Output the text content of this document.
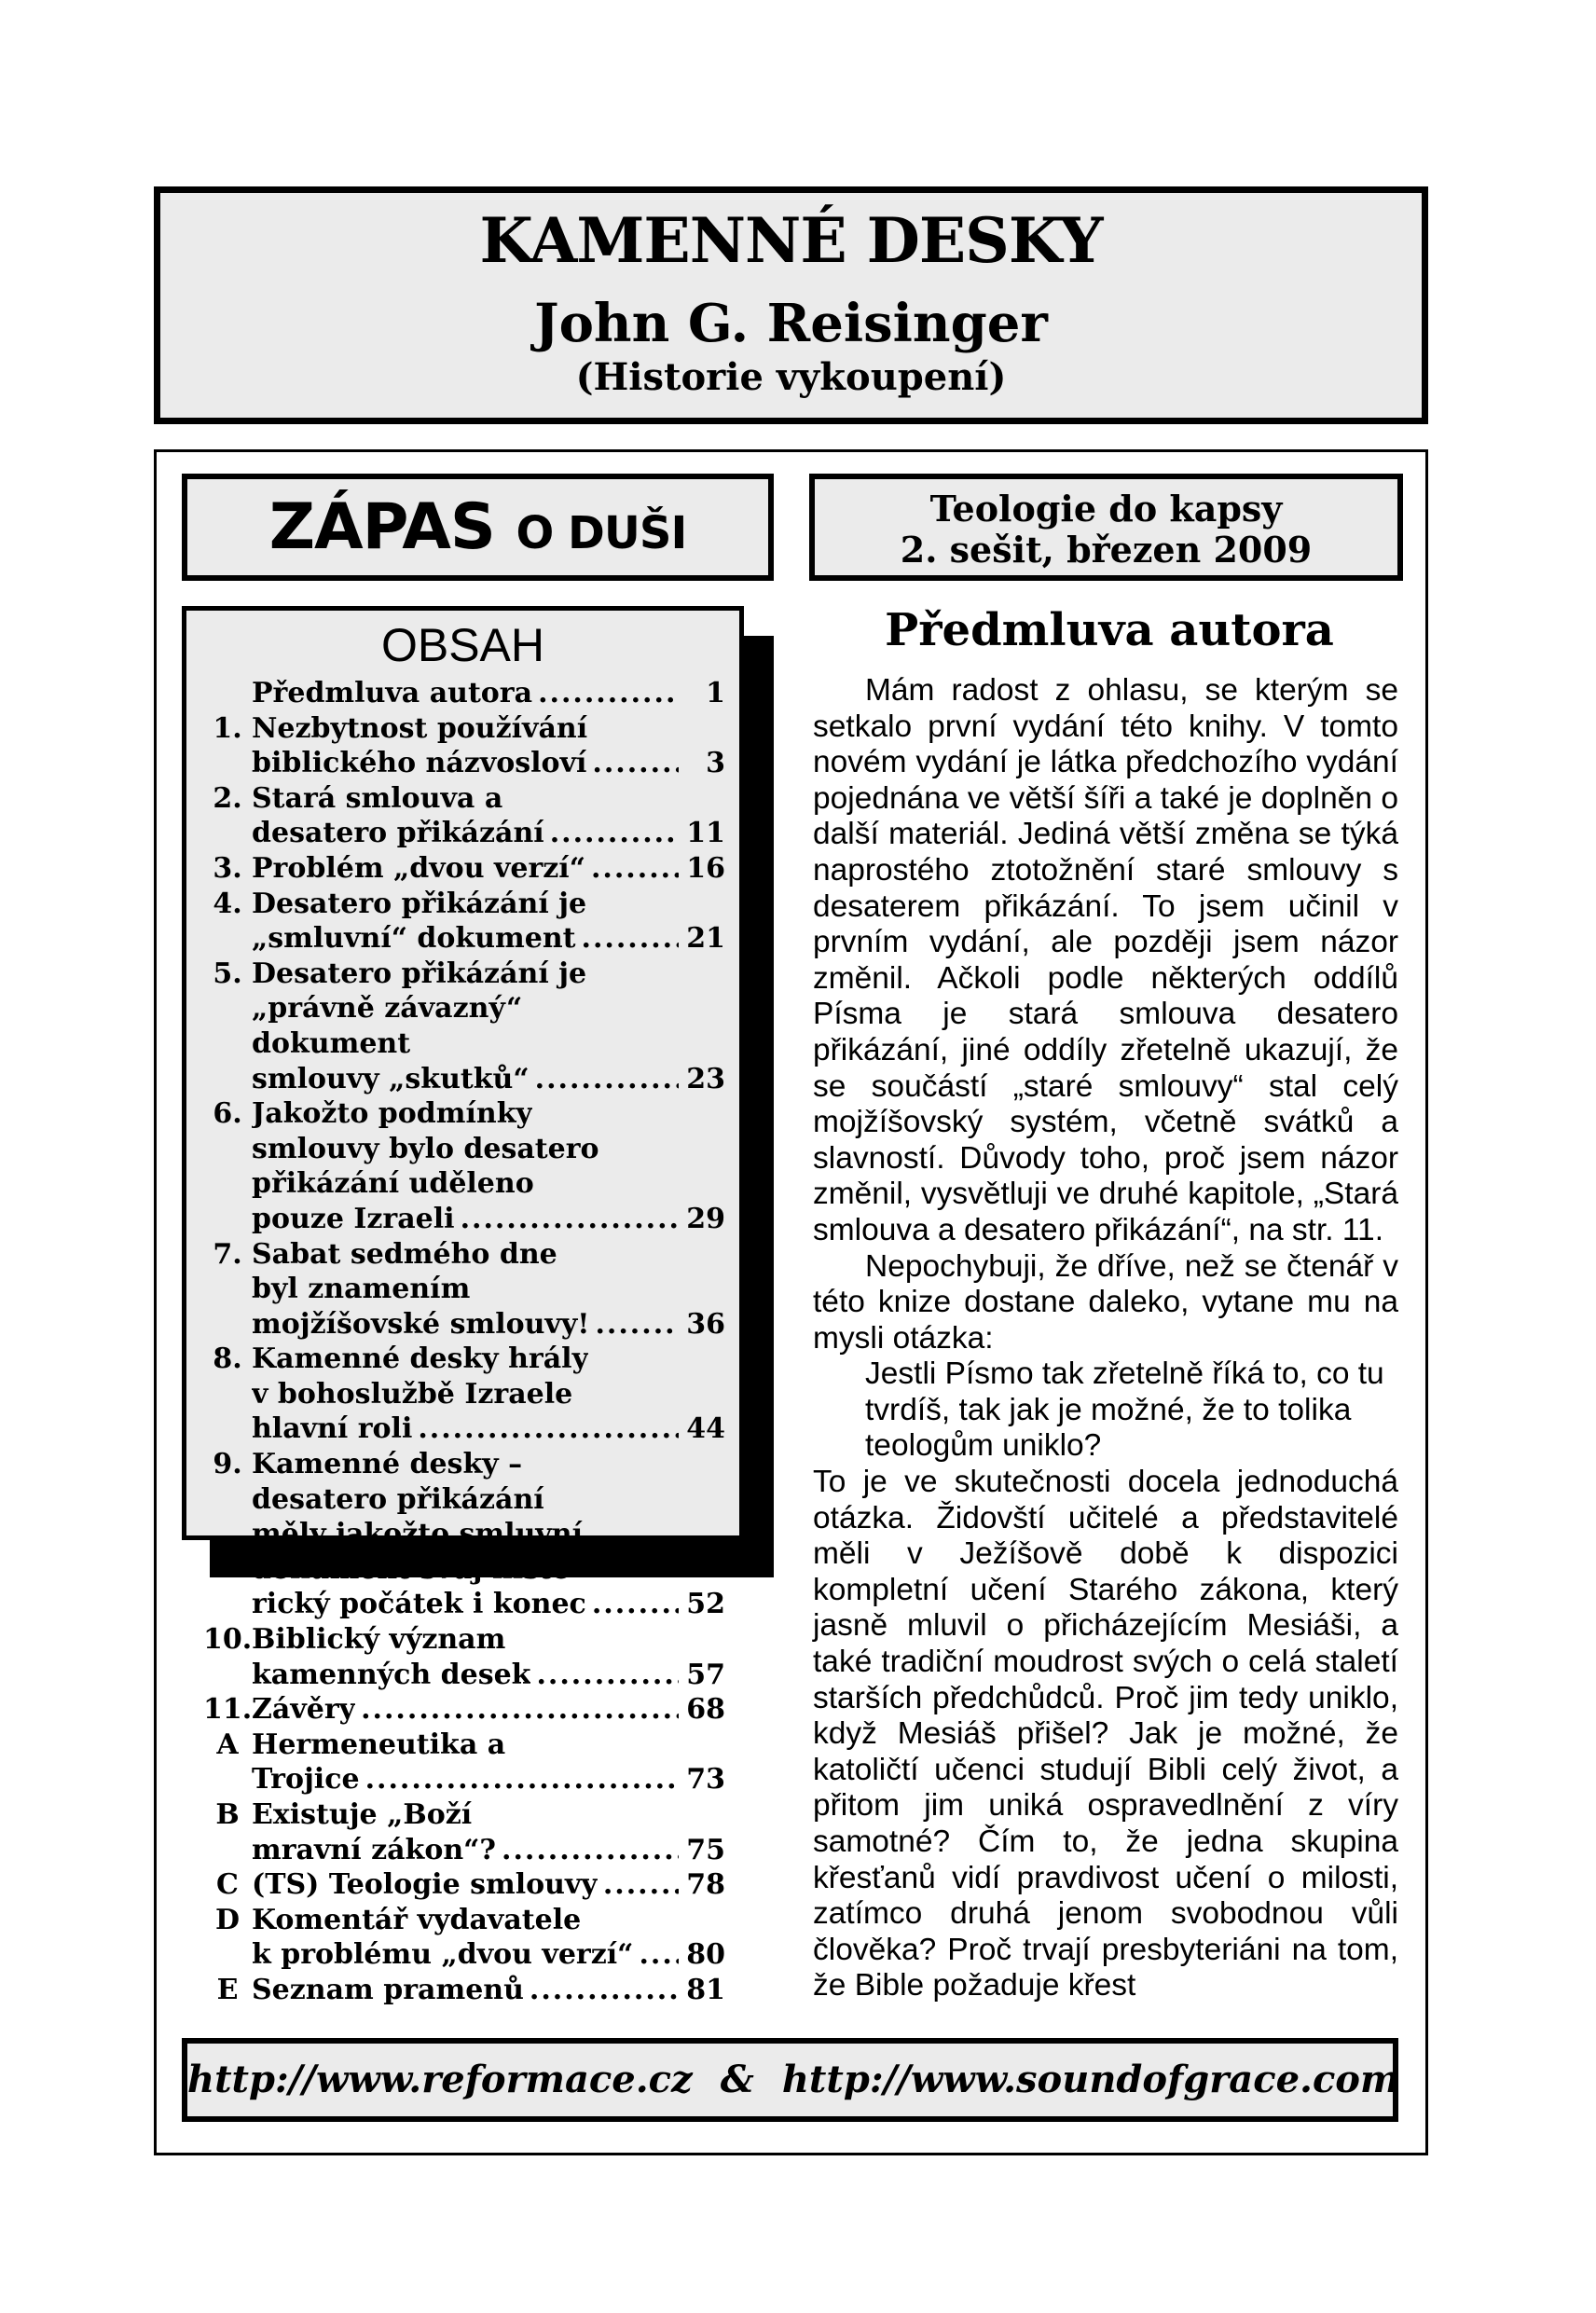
KAMENNÉ DESKY
John G. Reisinger
(Historie vykoupení)
ZÁPAS O DUŠI	Teologie do kapsy
2. sešit, březen 2009
OBSAH
Předmluva autora .....	1
1. Nezbytnost používání
biblického názvosloví .....	3
2. Stará smlouva a
desatero přikázání .....	11
3. Problém „dvou verzí“ .....	16
4. Desatero přikázání je
„smluvní“ dokument .....	21
5. Desatero přikázání je
„právně závazný“
dokument
smlouvy „skutků“ .....	23
6. Jakožto podmínky
smlouvy bylo desatero
přikázání uděleno
pouze Izraeli .....	29
7. Sabat sedmého dne
byl znamením
mojžíšovské smlouvy! .....	36
8. Kamenné desky hrály
v bohoslužbě Izraele
hlavní roli .....	44
9. Kamenné desky –
desatero přikázání
měly jakožto smluvní
dokument svůj histo-
rický počátek i konec .....	52
10. Biblický význam
kamenných desek .....	57
11. Závěry .....	68
A Hermeneutika a
Trojice .....	73
B Existuje „Boží
mravní zákon“? .....	75
C (TS) Teologie smlouvy .....	78
D Komentář vydavatele
k problému „dvou verzí“ ..... 80
E Seznam pramenů .....	81
Předmluva autora

Mám radost z ohlasu, se kterým se setkalo první vydání této knihy. V tomto novém vydání je látka předchozího vydání pojednána ve větší šíři a také je doplněn o další materiál. Jediná větší změna se týká naprostého ztotožnění staré smlouvy s desaterem přikázání. To jsem učinil v prvním vydání, ale později jsem názor změnil. Ačkoli podle některých oddílů Písma je stará smlouva desatero přikázání, jiné oddíly zřetelně ukazují, že se součástí „staré smlouvy“ stal celý mojžíšovský systém, včetně svátků a slavností. Důvody toho, proč jsem názor změnil, vysvětluji ve druhé kapitole, „Stará smlouva a desatero přikázání“, na str. 11.

Nepochybuji, že dříve, než se čtenář v této knize dostane daleko, vytane mu na mysli otázka:

Jestli Písmo tak zřetelně říká to, co tu tvrdíš, tak jak je možné, že to tolika teologům uniklo?

To je ve skutečnosti docela jednoduchá otázka. Židovští učitelé a představitelé měli v Ježíšově době k dispozici kompletní učení Starého zákona, který jasně mluvil o přicházejícím Mesiáši, a také tradiční moudrost svých o celá staletí starších předchůdců. Proč jim tedy uniklo, když Mesiáš přišel? Jak je možné, že katoličtí učenci studují Bibli celý život, a přitom jim uniká ospravedlnění z víry samotné? Čím to, že jedna skupina křesťanů vidí pravdivost učení o milosti, zatímco druhá jenom svobodnou vůli člověka? Proč trvají presbyteriáni na tom, že Bible požaduje křest

http://www.reformace.cz & http://www.soundofgrace.com
